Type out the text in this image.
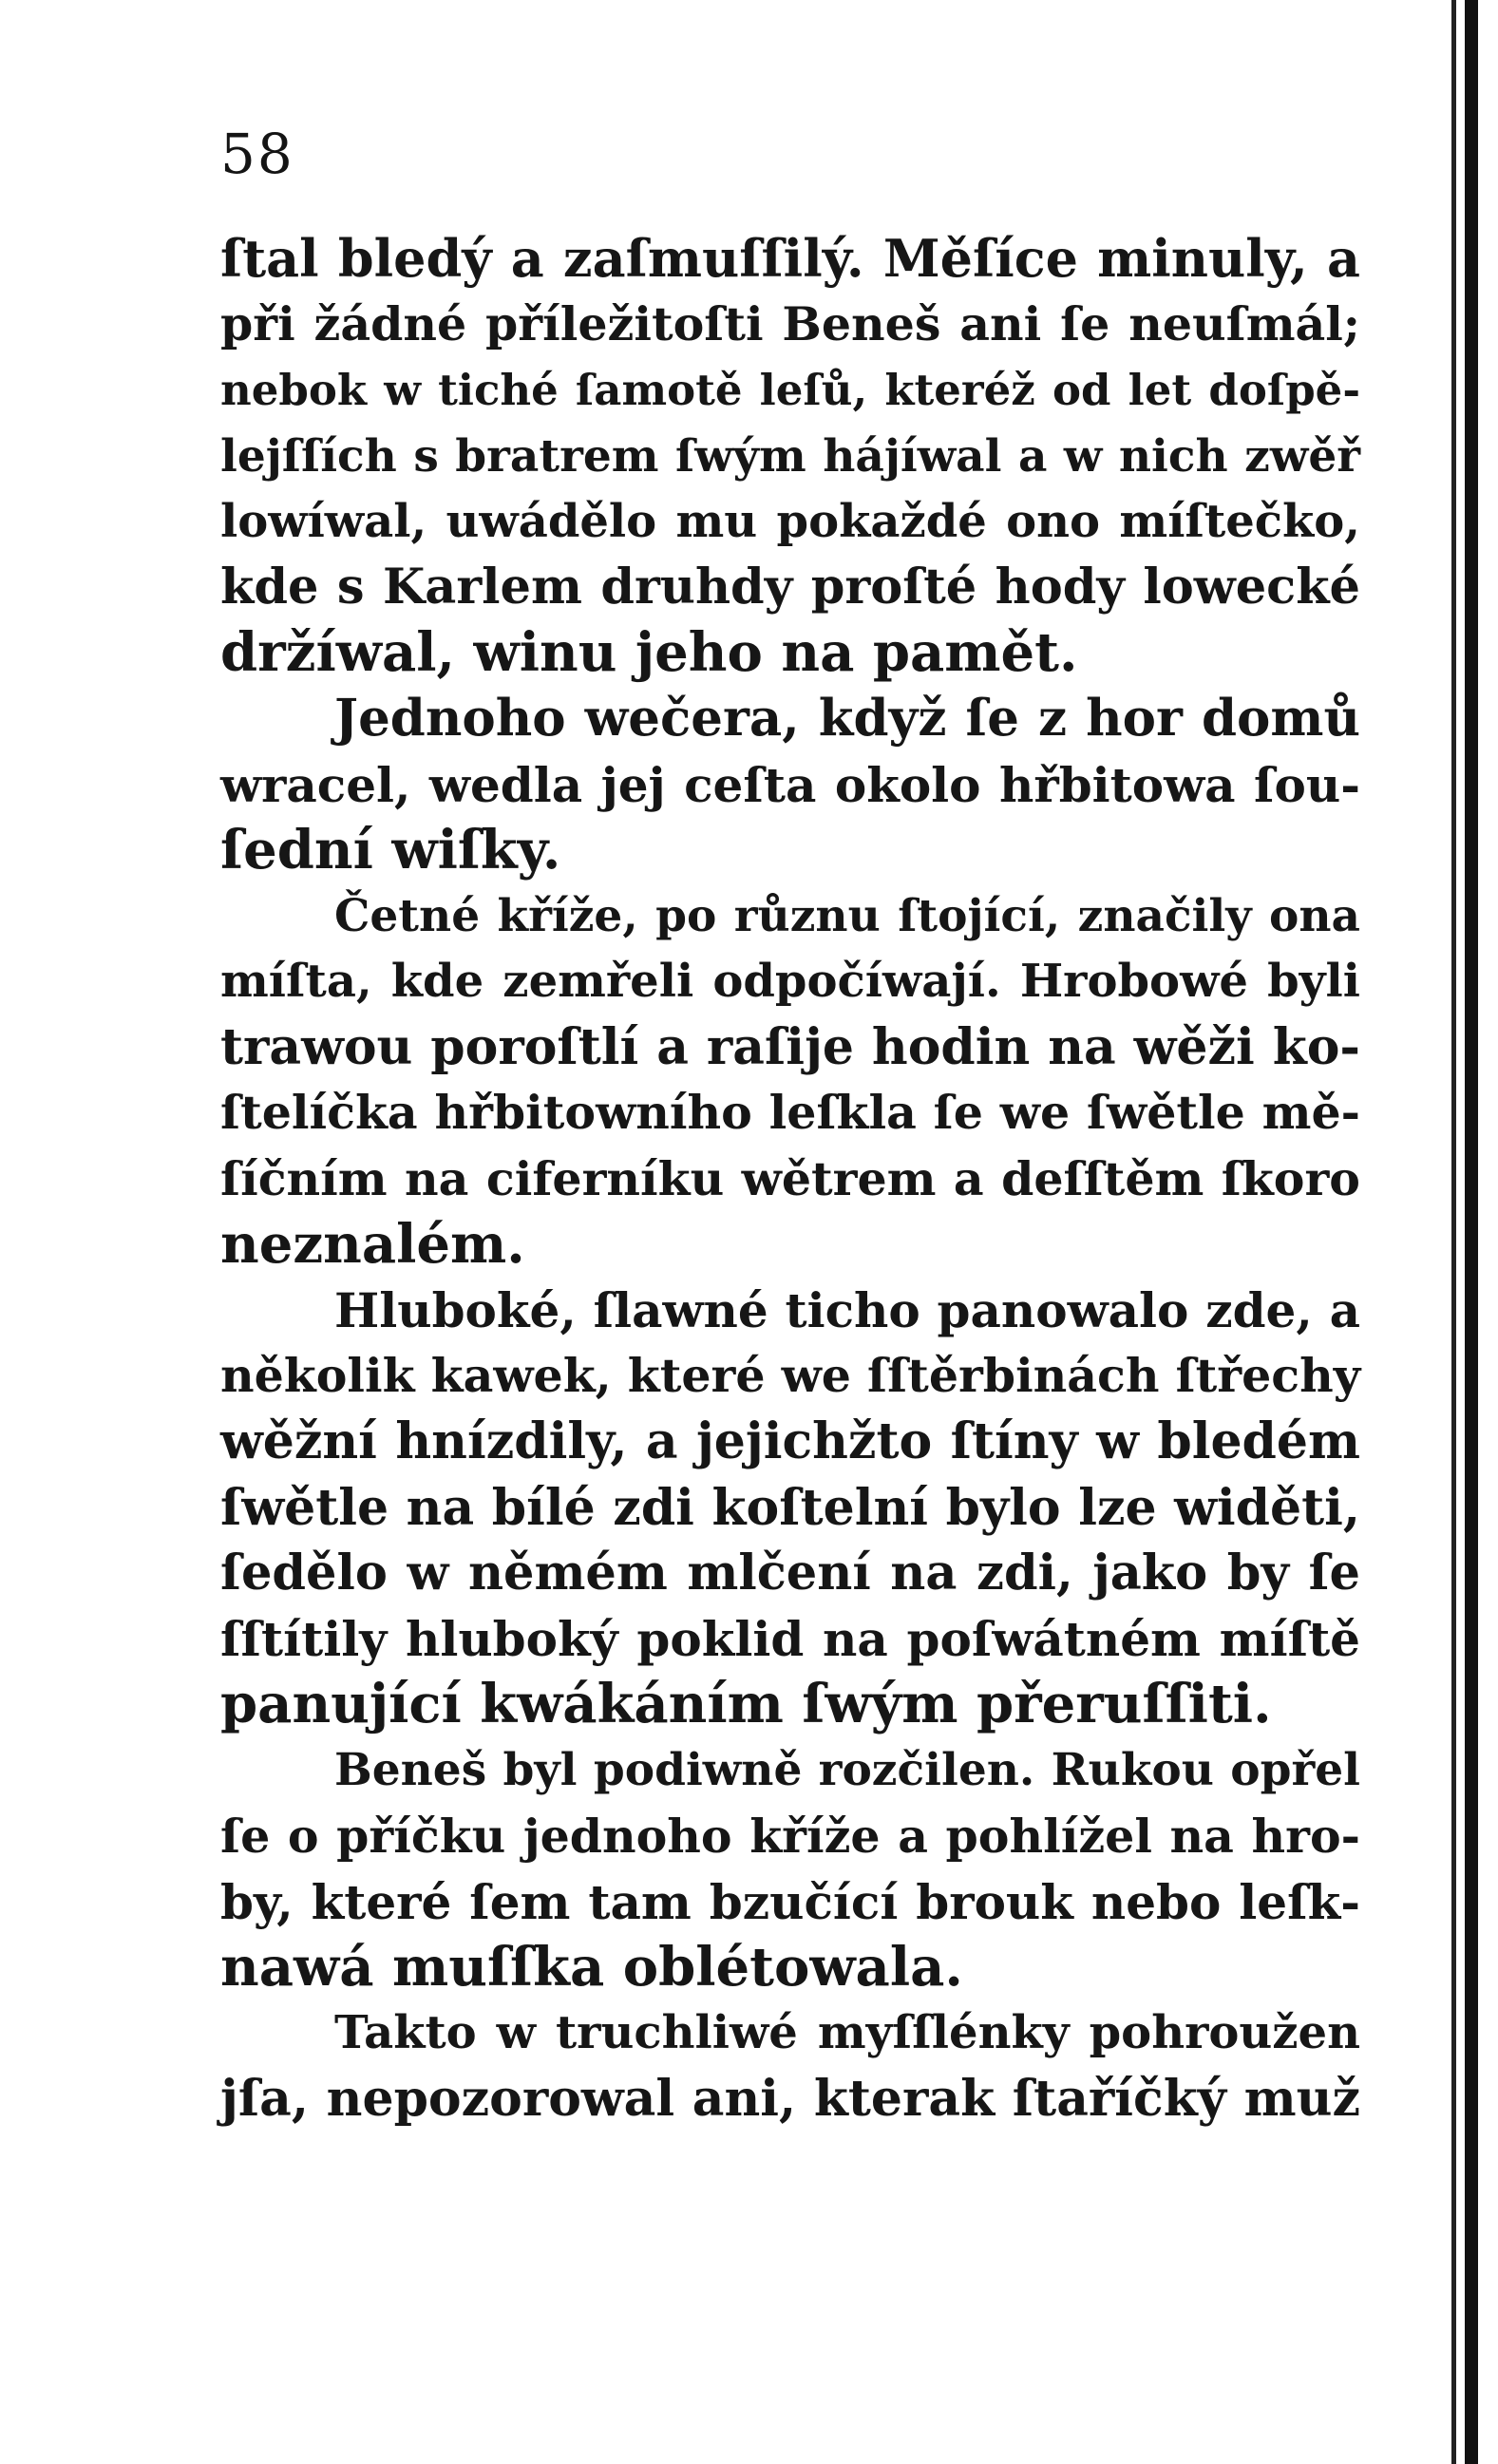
58
ſtal bledý a zaſmuſſilý. Měſíce minuly, a
při žádné příležitoſti Beneš ani ſe neuſmál;
nebok w tiché ſamotě leſů, kteréž od let doſpě‐
lejſſích s bratrem ſwým hájíwal a w nich zwěř
lowíwal, uwádělo mu pokaždé ono míſtečko,
kde s Karlem druhdy proſté hody lowecké
držíwal, winu jeho na pamět.
Jednoho wečera, když ſe z hor domů
wracel, wedla jej ceſta okolo hřbitowa ſou‐
ſední wiſky.
Četné kříže, po různu ſtojící, značily ona
míſta, kde zemřeli odpočíwají. Hrobowé byli
trawou poroſtlí a raſije hodin na wěži ko‐
ſtelíčka hřbitowního leſkla ſe we ſwětle mě‐
ſíčním na ciferníku wětrem a deſſtěm ſkoro
neznalém.
Hluboké, ſlawné ticho panowalo zde, a
několik kawek, které we ſſtěrbinách ſtřechy
wěžní hnízdily, a jejichžto ſtíny w bledém
ſwětle na bílé zdi koſtelní bylo lze widěti,
ſedělo w němém mlčení na zdi, jako by ſe
ſſtítily hluboký poklid na poſwátném míſtě
panující kwákáním ſwým přeruſſiti.
Beneš byl podiwně rozčilen. Rukou opřel
ſe o příčku jednoho kříže a pohlížel na hro‐
by, které ſem tam bzučící brouk nebo leſk‐
nawá muſſka oblétowala.
Takto w truchliwé myſſlénky pohroužen
jſa, nepozorowal ani, kterak ſtaříčký muž
